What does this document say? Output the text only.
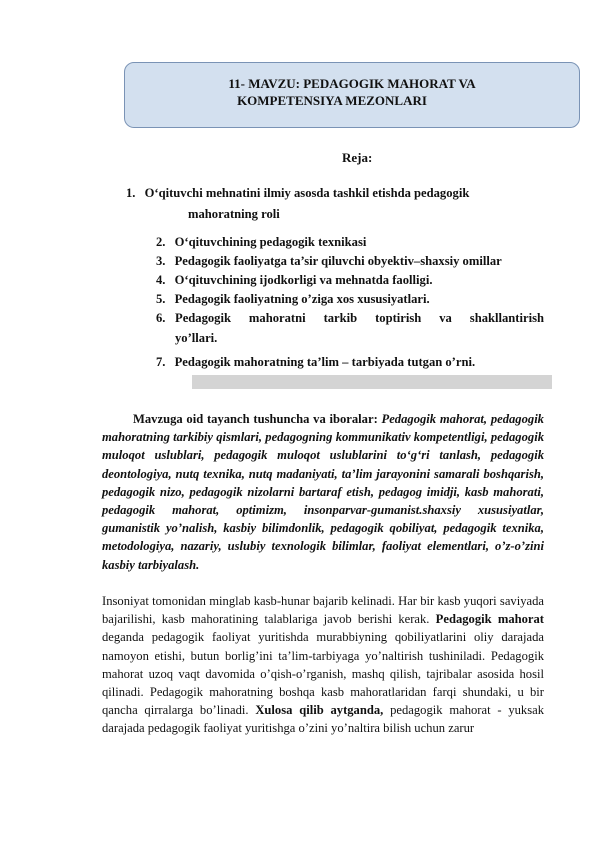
11- MAVZU: PEDAGOGIK MAHORAT VA
KOMPETENSIYA MEZONLARI
Reja:
1. O‘qituvchi mehnatini ilmiy asosda tashkil etishda pedagogik
mahoratning roli
2. O‘qituvchining pedagogik texnikasi
3. Pedagogik faoliyatga ta’sir qiluvchi obyektiv–shaxsiy omillar
4. O‘qituvchining ijodkorligi va mehnatda faolligi.
5. Pedagogik faoliyatning o’ziga xos xususiyatlari.
6. Pedagogik mahoratni tarkib toptirish va shakllantirish
yo’llari.
7. Pedagogik mahoratning ta’lim – tarbiyada tutgan o’rni.

Mavzuga oid tayanch tushuncha va iboralar: Pedagogik mahorat, pedagogik mahoratning tarkibiy qismlari, pedagogning kommunikativ kompetentligi, pedagogik muloqot uslublari, pedagogik muloqot uslublarini to‘g‘ri tanlash, pedagogik deontologiya, nutq texnika, nutq madaniyati, ta’lim jarayonini samarali boshqarish, pedagogik nizo, pedagogik nizolarni bartaraf etish, pedagog imidji, kasb mahorati, pedagogik mahorat, optimizm, insonparvar-gumanist.shaxsiy xususiyatlar, gumanistik yo’nalish, kasbiy bilimdonlik, pedagogik qobiliyat, pedagogik texnika, metodologiya, nazariy, uslubiy texnologik bilimlar, faoliyat elementlari, o’z-o’zini kasbiy tarbiyalash.

Insoniyat tomonidan minglab kasb-hunar bajarib kelinadi. Har bir kasb yuqori saviyada bajarilishi, kasb mahoratining talablariga javob berishi kerak. Pedagogik mahorat deganda pedagogik faoliyat yuritishda murabbiyning qobiliyatlarini oliy darajada namoyon etishi, butun borlig’ini ta’lim-tarbiyaga yo’naltirish tushiniladi. Pedagogik mahorat uzoq vaqt davomida o’qish-o’rganish, mashq qilish, tajribalar asosida hosil qilinadi. Pedagogik mahoratning boshqa kasb mahoratlaridan farqi shundaki, u bir qancha qirralarga bo’linadi. Xulosa qilib aytganda, pedagogik mahorat - yuksak darajada pedagogik faoliyat yuritishga o’zini yo’naltira bilish uchun zarur
